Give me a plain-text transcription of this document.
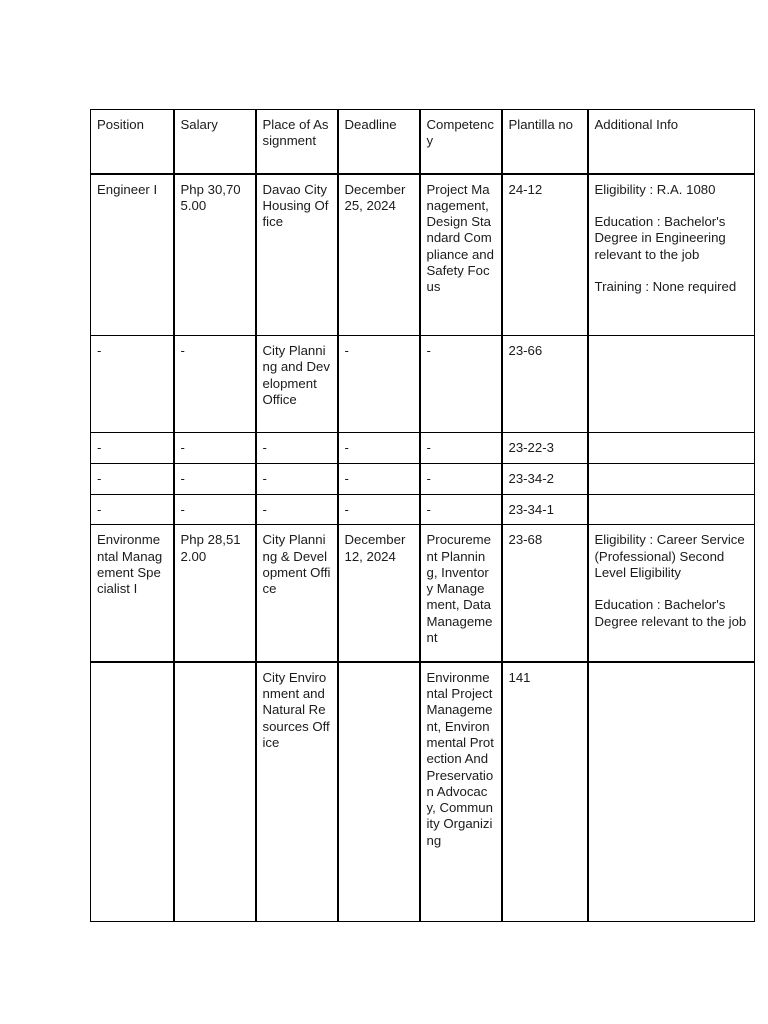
Position	Salary	Place of Assignment	Deadline	Competency	Plantilla no	Additional Info
Engineer I	Php 30,705.00	Davao City Housing Office	December 25, 2024	Project Management, Design Standard Compliance and Safety Focus	24-12	Eligibility : R.A. 1080
Education : Bachelor's Degree in Engineering relevant to the job
Training : None required

-	-	City Planning and Development Office	-	-	23-66	
-	-	-	-	-	23-22-3	
-	-	-	-	-	23-34-2	
-	-	-	-	-	23-34-1	
Environmental Management Specialist I	Php 28,512.00	City Planning & Development Office	December 12, 2024	Procurement Planning, Inventory Management, Data Management	23-68	Eligibility : Career Service (Professional) Second Level Eligibility
Education : Bachelor's Degree relevant to the job

		City Environment and Natural Resources Office		Environmental Project Management, Environmental Protection And Preservation Advocacy, Community Organizing	141	
